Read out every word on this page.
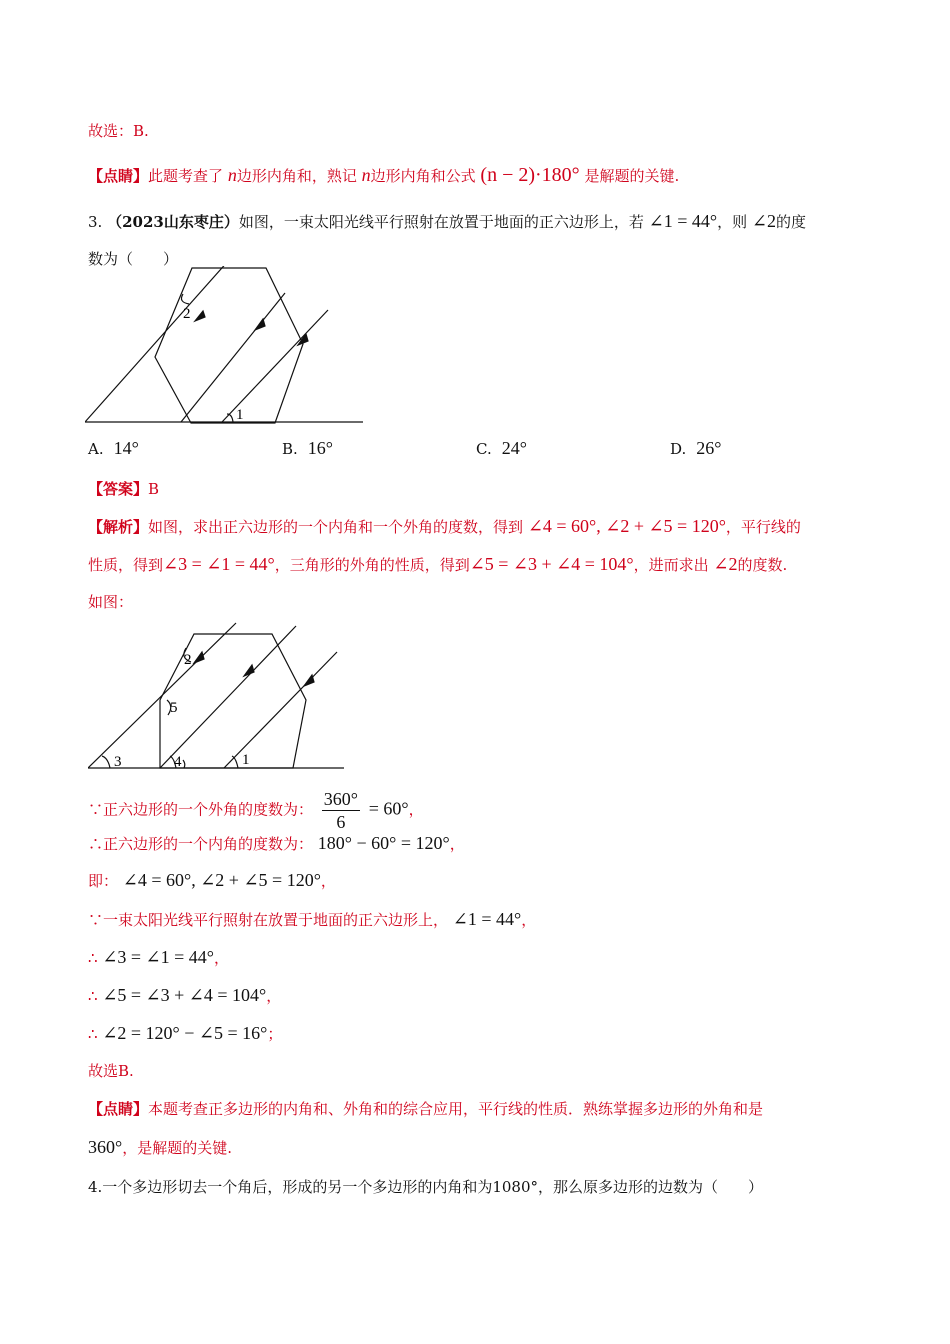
故选：B.
【点睛】此题考查了 n边形内角和，熟记 n边形内角和公式 (n − 2)·180° 是解题的关键.
3. （2023山东枣庄）如图，一束太阳光线平行照射在放置于地面的正六边形上，若 ∠1 = 44°，则 ∠2的度
数为（　　）
2
1
A. 14°	B. 16°	C. 24°	D. 26°
【答案】B
【解析】如图，求出正六边形的一个内角和一个外角的度数，得到 ∠4 = 60°, ∠2 + ∠5 = 120°，平行线的
性质，得到∠3 = ∠1 = 44°，三角形的外角的性质，得到∠5 = ∠3 + ∠4 = 104°，进而求出 ∠2的度数.
如图：
2
5
3	4	1
∵正六边形的一个外角的度数为： $\frac{360^\circ}{6} = 60^\circ$，
∴正六边形的一个内角的度数为： 180° − 60° = 120°，
即： ∠4 = 60°, ∠2 + ∠5 = 120°，
∵一束太阳光线平行照射在放置于地面的正六边形上， ∠1 = 44°，
∴ ∠3 = ∠1 = 44°，
∴ ∠5 = ∠3 + ∠4 = 104°，
∴ ∠2 = 120° − ∠5 = 16°；
故选B.
【点睛】本题考查正多边形的内角和、外角和的综合应用，平行线的性质．熟练掌握多边形的外角和是
360°，是解题的关键.
4.一个多边形切去一个角后，形成的另一个多边形的内角和为1080°，那么原多边形的边数为（　　）
